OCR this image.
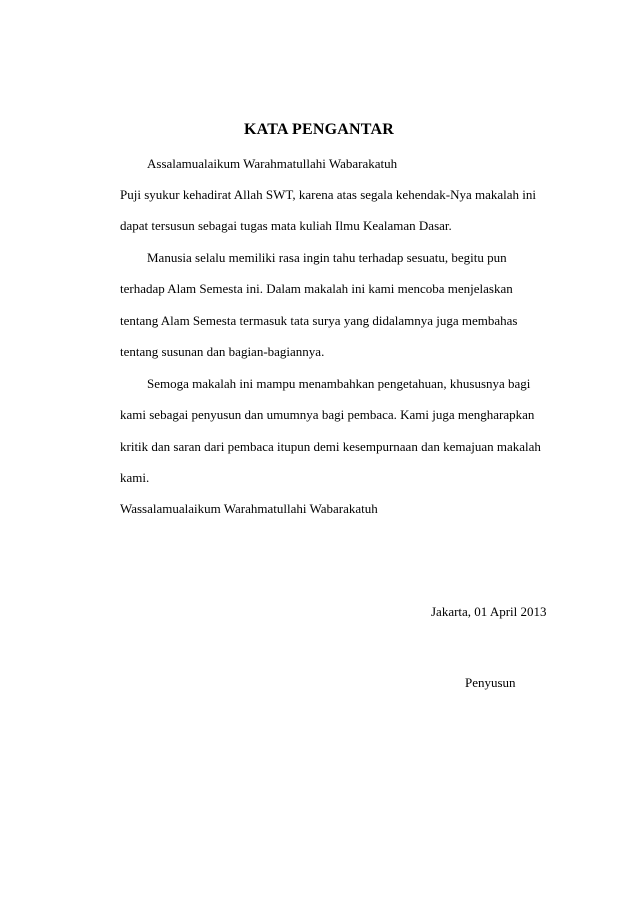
KATA PENGANTAR

Assalamualaikum Warahmatullahi Wabarakatuh

Puji syukur kehadirat Allah SWT, karena atas segala kehendak-Nya makalah ini

dapat tersusun sebagai tugas mata kuliah Ilmu Kealaman Dasar.

Manusia selalu memiliki rasa ingin tahu terhadap sesuatu, begitu pun

terhadap Alam Semesta ini. Dalam makalah ini kami mencoba menjelaskan

tentang Alam Semesta termasuk tata surya yang didalamnya juga membahas

tentang susunan dan bagian-bagiannya.

Semoga makalah ini mampu menambahkan pengetahuan, khususnya bagi

kami sebagai penyusun dan umumnya bagi pembaca. Kami juga mengharapkan

kritik dan saran dari pembaca itupun demi kesempurnaan dan kemajuan makalah

kami.

Wassalamualaikum Warahmatullahi Wabarakatuh

Jakarta, 01 April 2013

Penyusun
